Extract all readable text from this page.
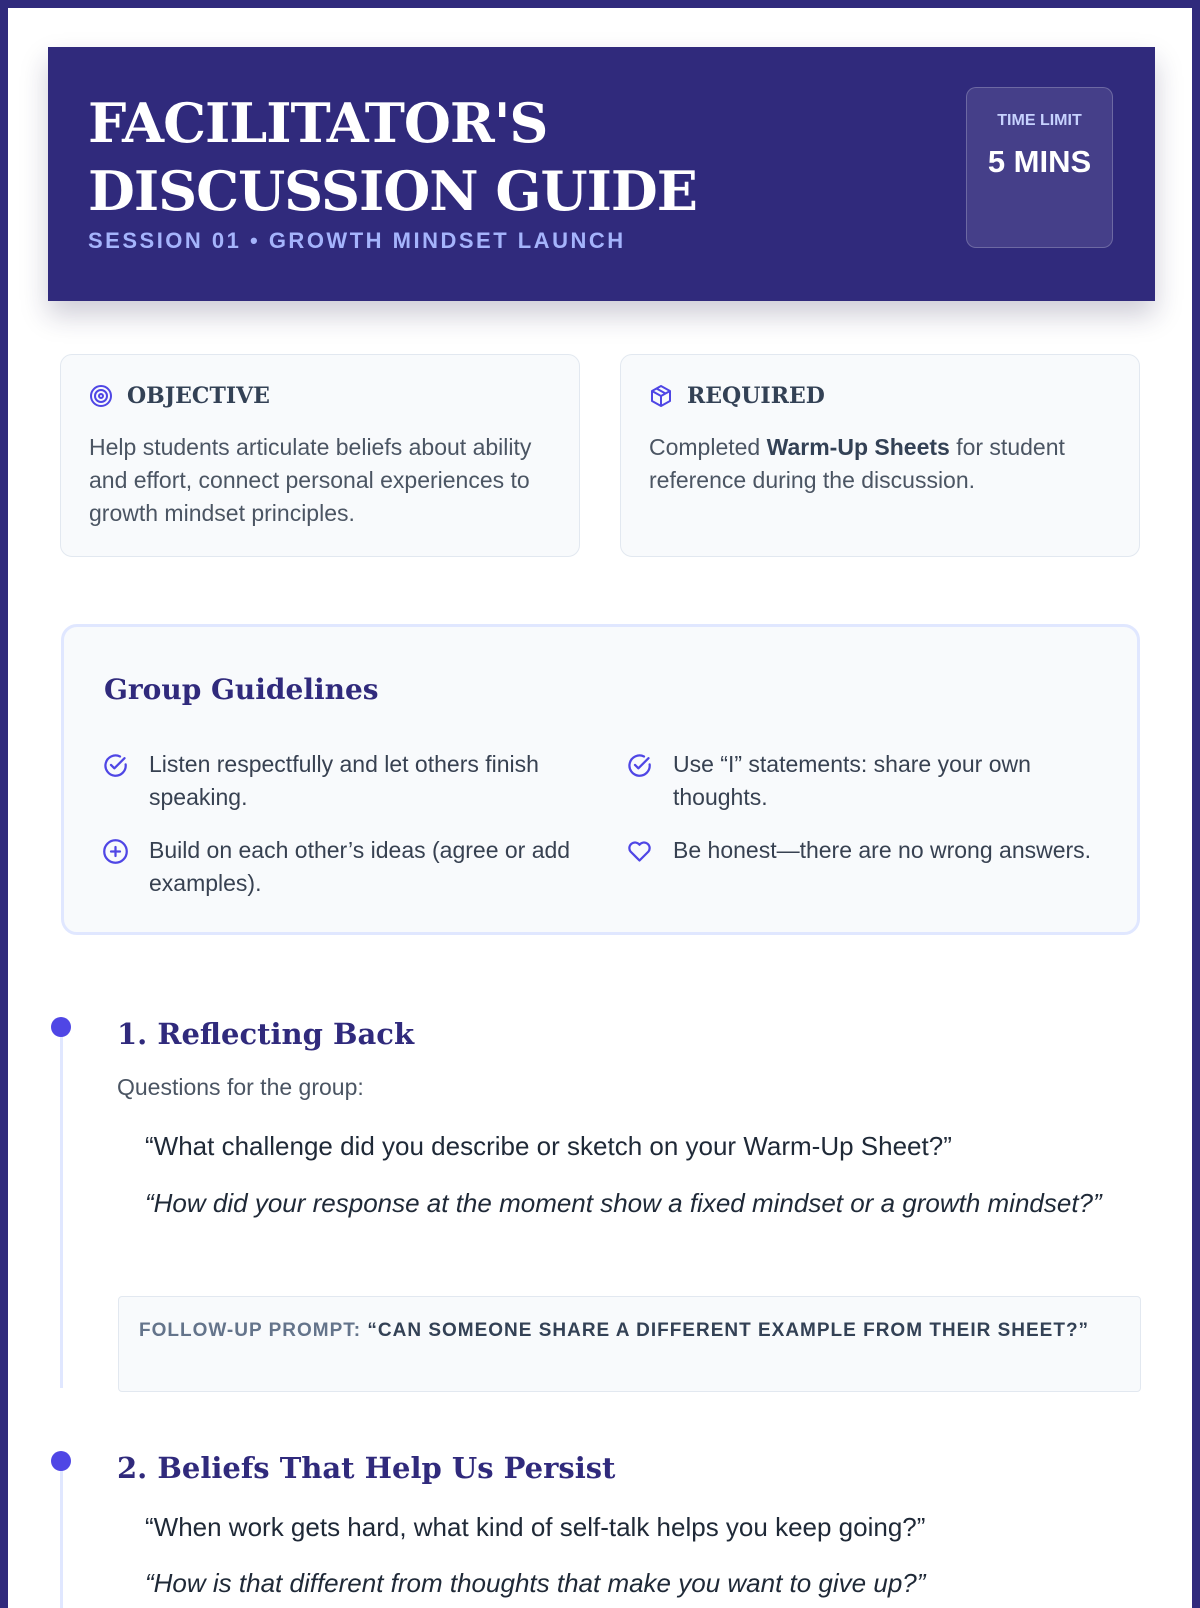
FACILITATOR'S DISCUSSION GUIDE
SESSION 01 • GROWTH MINDSET LAUNCH
TIME LIMIT
5 MINS
OBJECTIVE
Help students articulate beliefs about ability and effort, connect personal experiences to growth mindset principles.
REQUIRED
Completed Warm-Up Sheets for student reference during the discussion.
Group Guidelines
Listen respectfully and let others finish speaking.
Use “I” statements: share your own thoughts.
Build on each other’s ideas (agree or add examples).
Be honest—there are no wrong answers.
1. Reflecting Back
Questions for the group:
“What challenge did you describe or sketch on your Warm-Up Sheet?”
“How did your response at the moment show a fixed mindset or a growth mindset?”
FOLLOW-UP PROMPT: “CAN SOMEONE SHARE A DIFFERENT EXAMPLE FROM THEIR SHEET?”
2. Beliefs That Help Us Persist
“When work gets hard, what kind of self-talk helps you keep going?”
“How is that different from thoughts that make you want to give up?”
